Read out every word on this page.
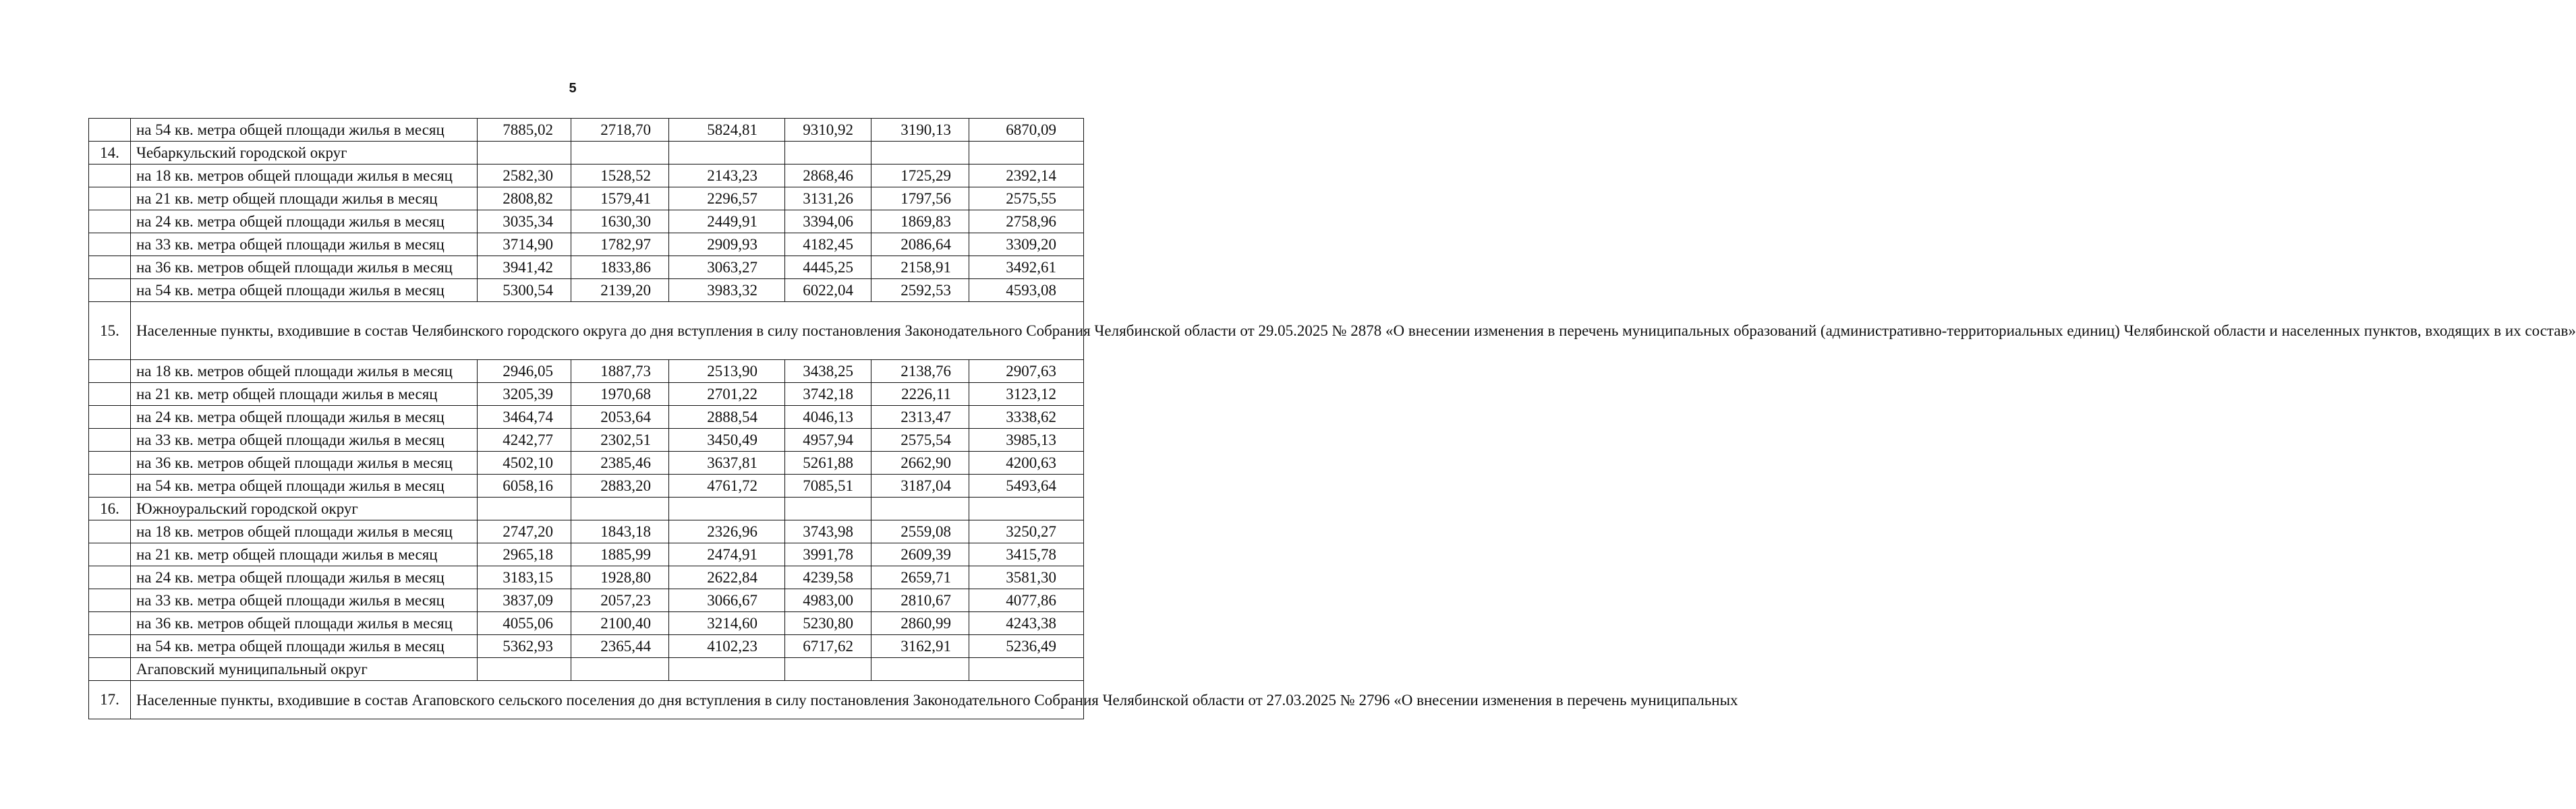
5
	на 54 кв. метра общей площади жилья в месяц	7885,02	2718,70	5824,81	9310,92	3190,13	6870,09
14.	Чебаркульский городской округ						
	на 18 кв. метров общей площади жилья в месяц	2582,30	1528,52	2143,23	2868,46	1725,29	2392,14
	на 21 кв. метр общей площади жилья в месяц	2808,82	1579,41	2296,57	3131,26	1797,56	2575,55
	на 24 кв. метра общей площади жилья в месяц	3035,34	1630,30	2449,91	3394,06	1869,83	2758,96
	на 33 кв. метра общей площади жилья в месяц	3714,90	1782,97	2909,93	4182,45	2086,64	3309,20
	на 36 кв. метров общей площади жилья в месяц	3941,42	1833,86	3063,27	4445,25	2158,91	3492,61
	на 54 кв. метра общей площади жилья в месяц	5300,54	2139,20	3983,32	6022,04	2592,53	4593,08
15.	Населенные пункты, входившие в состав Челябинского городского округа до дня вступления в силу постановления Законодательного Собрания Челябинской области от 29.05.2025 № 2878 «О внесении изменения в перечень муниципальных образований (административно-территориальных единиц) Челябинской области и населенных пунктов, входящих в их состав»						
	на 18 кв. метров общей площади жилья в месяц	2946,05	1887,73	2513,90	3438,25	2138,76	2907,63
	на 21 кв. метр общей площади жилья в месяц	3205,39	1970,68	2701,22	3742,18	2226,11	3123,12
	на 24 кв. метра общей площади жилья в месяц	3464,74	2053,64	2888,54	4046,13	2313,47	3338,62
	на 33 кв. метра общей площади жилья в месяц	4242,77	2302,51	3450,49	4957,94	2575,54	3985,13
	на 36 кв. метров общей площади жилья в месяц	4502,10	2385,46	3637,81	5261,88	2662,90	4200,63
	на 54 кв. метра общей площади жилья в месяц	6058,16	2883,20	4761,72	7085,51	3187,04	5493,64
16.	Южноуральский городской округ						
	на 18 кв. метров общей площади жилья в месяц	2747,20	1843,18	2326,96	3743,98	2559,08	3250,27
	на 21 кв. метр общей площади жилья в месяц	2965,18	1885,99	2474,91	3991,78	2609,39	3415,78
	на 24 кв. метра общей площади жилья в месяц	3183,15	1928,80	2622,84	4239,58	2659,71	3581,30
	на 33 кв. метра общей площади жилья в месяц	3837,09	2057,23	3066,67	4983,00	2810,67	4077,86
	на 36 кв. метров общей площади жилья в месяц	4055,06	2100,40	3214,60	5230,80	2860,99	4243,38
	на 54 кв. метра общей площади жилья в месяц	5362,93	2365,44	4102,23	6717,62	3162,91	5236,49
	Агаповский муниципальный округ						
17.	Населенные пункты, входившие в состав Агаповского сельского поселения до дня вступления в силу постановления Законодательного Собрания Челябинской области от 27.03.2025 № 2796 «О внесении изменения в перечень муниципальных						
